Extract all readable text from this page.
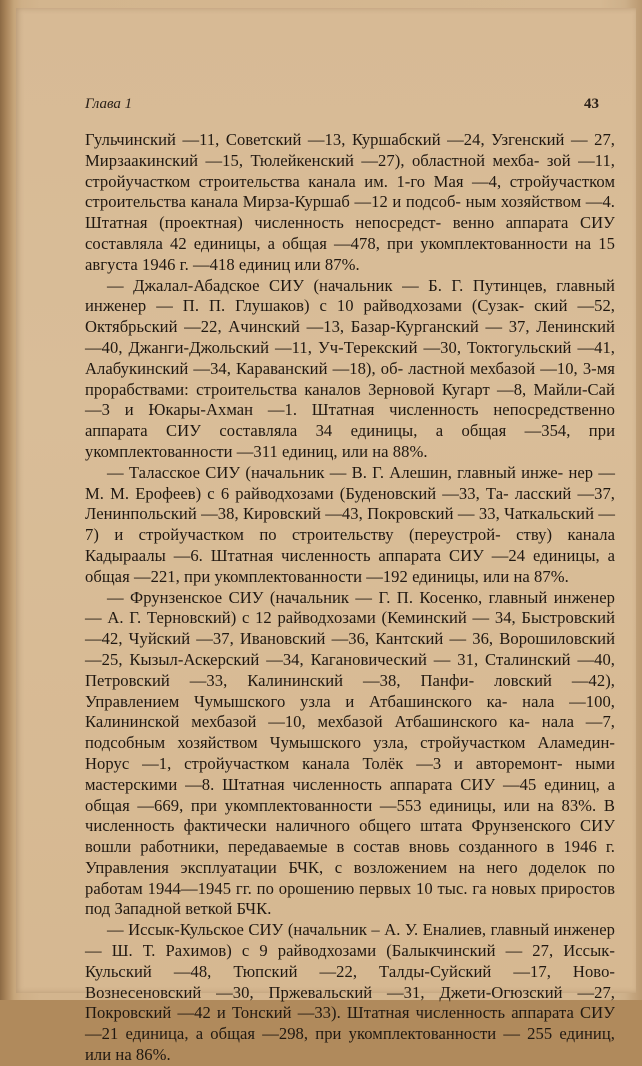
Глава 1	43

Гульчинский —11, Советский —13, Куршабский —24, Узгенский — 27, Мирзаакинский —15, Тюлейкенский —27), областной мехба- зой —11, стройучастком строительства канала им. 1-го Мая —4, стройучастком строительства канала Мирза-Куршаб —12 и подсоб- ным хозяйством —4. Штатная (проектная) численность непосредст- венно аппарата СИУ составляла 42 единицы, а общая —478, при укомплектованности на 15 августа 1946 г. —418 единиц или 87%.

— Джалал-Абадское СИУ (начальник — Б. Г. Путинцев, главный инженер — П. П. Глушаков) с 10 райводхозами (Сузак- ский —52, Октябрьский —22, Ачинский —13, Базар-Курганский — 37, Ленинский —40, Джанги-Джольский —11, Уч-Терекский —30, Токтогульский —41, Алабукинский —34, Караванский —18), об- ластной мехбазой —10, 3-мя прорабствами: строительства каналов Зерновой Кугарт —8, Майли-Сай —3 и Юкары-Ахман —1. Штатная численность непосредственно аппарата СИУ составляла 34 единицы, а общая —354, при укомплектованности —311 единиц, или на 88%.

— Таласское СИУ (начальник — В. Г. Алешин, главный инже- нер — М. М. Ерофеев) с 6 райводхозами (Буденовский —33, Та- ласский —37, Ленинпольский —38, Кировский —43, Покровский — 33, Чаткальский —7) и стройучастком по строительству (переустрой- ству) канала Кадыраалы —6. Штатная численность аппарата СИУ —24 единицы, а общая —221, при укомплектованности —192 единицы, или на 87%.

— Фрунзенское СИУ (начальник — Г. П. Косенко, главный инженер — А. Г. Терновский) с 12 райводхозами (Кеминский — 34, Быстровский —42, Чуйский —37, Ивановский —36, Кантский — 36, Ворошиловский —25, Кызыл-Аскерский —34, Кагановический — 31, Сталинский —40, Петровский —33, Калининский —38, Панфи- ловский —42), Управлением Чумышского узла и Атбашинского ка- нала —100, Калининской мехбазой —10, мехбазой Атбашинского ка- нала —7, подсобным хозяйством Чумышского узла, стройучастком Аламедин-Норус —1, стройучастком канала Толёк —3 и авторемонт- ными мастерскими —8. Штатная численность аппарата СИУ —45 единиц, а общая —669, при укомплектованности —553 единицы, или на 83%. В численность фактически наличного общего штата Фрунзенского СИУ вошли работники, передаваемые в состав вновь созданного в 1946 г. Управления эксплуатации БЧК, с возложением на него доделок по работам 1944—1945 гг. по орошению первых 10 тыс. га новых приростов под Западной веткой БЧК.

— Иссык-Кульское СИУ (начальник – А. У. Еналиев, главный инженер — Ш. Т. Рахимов) с 9 райводхозами (Балыкчинский — 27, Иссык-Кульский —48, Тюпский —22, Талды-Суйский —17, Ново- Вознесеновский —30, Пржевальский —31, Джети-Огюзский —27, Покровский —42 и Тонский —33). Штатная численность аппарата СИУ —21 единица, а общая —298, при укомплектованности — 255 единиц, или на 86%.
